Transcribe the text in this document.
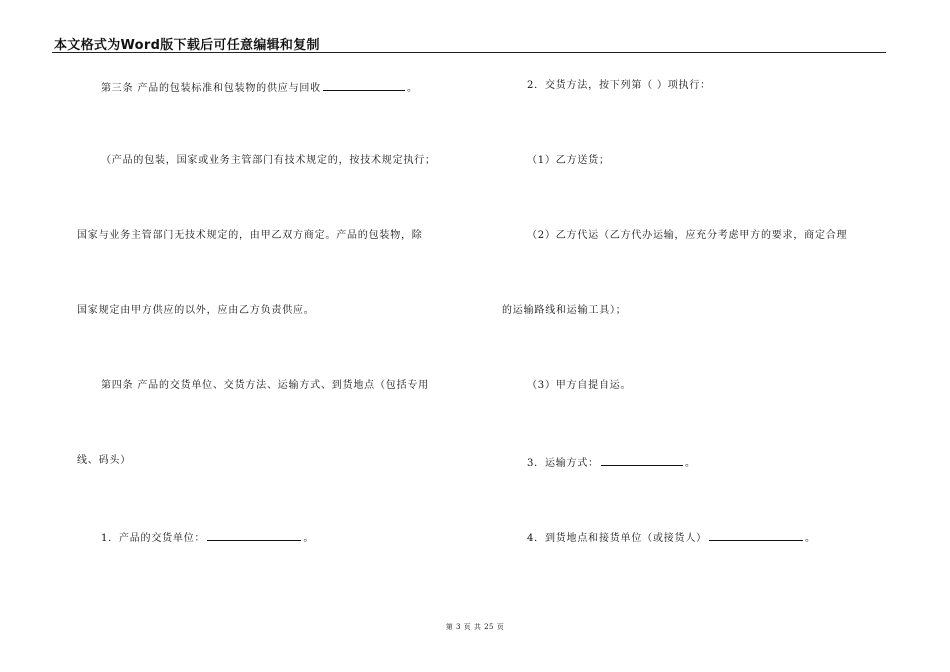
本文格式为Word版下载后可任意编辑和复制
第三条 产品的包装标准和包装物的供应与回收	。
（产品的包装，国家或业务主管部门有技术规定的，按技术规定执行；
国家与业务主管部门无技术规定的，由甲乙双方商定。产品的包装物，除
国家规定由甲方供应的以外，应由乙方负责供应。
第四条 产品的交货单位、交货方法、运输方式、到货地点（包括专用
线、码头）
1．产品的交货单位：	。
2．交货方法，按下列第（ ）项执行：
（1）乙方送货；
（2）乙方代运（乙方代办运输，应充分考虑甲方的要求，商定合理
的运输路线和运输工具）；
（3）甲方自提自运。
3．运输方式：	。
4．到货地点和接货单位（或接货人）	。
第 3 页 共 25 页
